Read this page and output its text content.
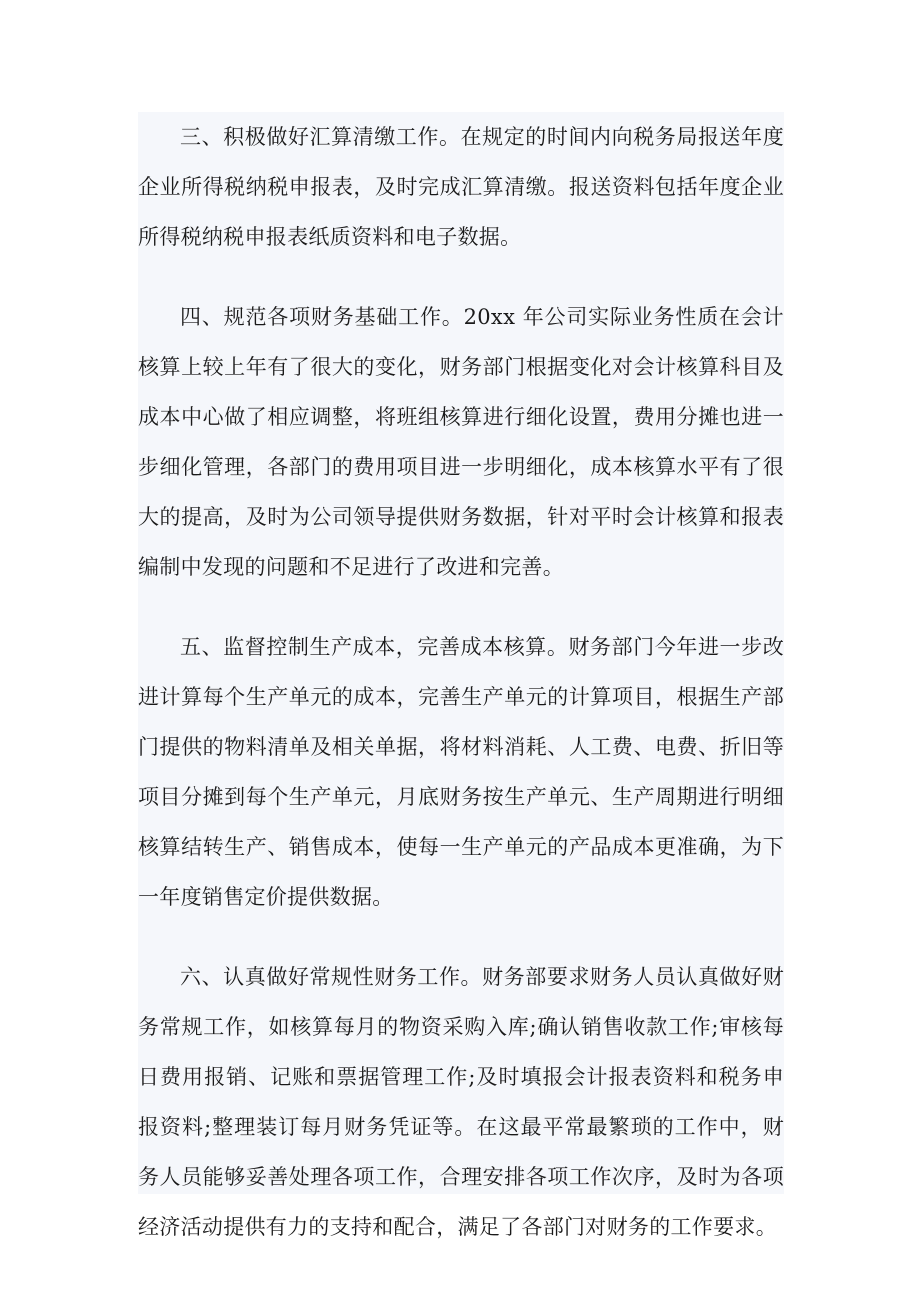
三、积极做好汇算清缴工作。在规定的时间内向税务局报送年度企业所得税纳税申报表，及时完成汇算清缴。报送资料包括年度企业所得税纳税申报表纸质资料和电子数据。

四、规范各项财务基础工作。20xx 年公司实际业务性质在会计核算上较上年有了很大的变化，财务部门根据变化对会计核算科目及成本中心做了相应调整，将班组核算进行细化设置，费用分摊也进一步细化管理，各部门的费用项目进一步明细化，成本核算水平有了很大的提高，及时为公司领导提供财务数据，针对平时会计核算和报表编制中发现的问题和不足进行了改进和完善。

五、监督控制生产成本，完善成本核算。财务部门今年进一步改进计算每个生产单元的成本，完善生产单元的计算项目，根据生产部门提供的物料清单及相关单据，将材料消耗、人工费、电费、折旧等项目分摊到每个生产单元，月底财务按生产单元、生产周期进行明细核算结转生产、销售成本，使每一生产单元的产品成本更准确，为下一年度销售定价提供数据。

六、认真做好常规性财务工作。财务部要求财务人员认真做好财务常规工作，如核算每月的物资采购入库;确认销售收款工作;审核每日费用报销、记账和票据管理工作;及时填报会计报表资料和税务申报资料;整理装订每月财务凭证等。在这最平常最繁琐的工作中，财务人员能够妥善处理各项工作，合理安排各项工作次序，及时为各项经济活动提供有力的支持和配合，满足了各部门对财务的工作要求。
